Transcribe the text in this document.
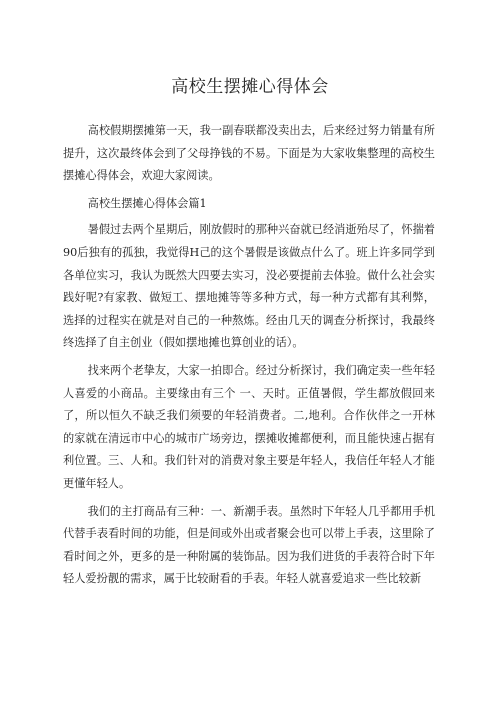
高校生摆摊心得体会

高校假期摆摊第一天，我一副春联都没卖出去，后来经过努力销量有所提升，这次最终体会到了父母挣钱的不易。下面是为大家收集整理的高校生摆摊心得体会，欢迎大家阅读。

高校生摆摊心得体会篇1

暑假过去两个星期后，刚放假时的那种兴奋就已经消逝殆尽了，怀揣着90后独有的孤独，我觉得H己的这个暑假是该做点什么了。班上许多同学到各单位实习，我认为既然大四要去实习，没必要提前去体验。做什么社会实践好呢?有家教、做短工、摆地摊等等多种方式，每一种方式都有其利弊，选择的过程实在就是对自己的一种熬炼。经由几天的调查分析探讨，我最终终选择了自主创业（假如摆地摊也算创业的话）。

找来两个老挚友，大家一拍即合。经过分析探讨，我们确定卖一些年轻人喜爱的小商品。主要缘由有三个 一、天时。正值暑假，学生都放假回来了，所以恒久不缺乏我们须要的年轻消费者。二,地利。合作伙伴之一开林的家就在清远市中心的城市广场旁边，摆摊收摊都便利，而且能快速占据有利位置。三、人和。我们针对的消费对象主要是年轻人，我信任年轻人才能更懂年轻人。

我们的主打商品有三种：一、新潮手表。虽然时下年轻人几乎都用手机代替手表看时间的功能，但是间或外出或者聚会也可以带上手表，这里除了看时间之外，更多的是一种附属的装饰品。因为我们进货的手表符合时下年轻人爱扮靓的需求，属于比较耐看的手表。年轻人就喜爱追求一些比较新
